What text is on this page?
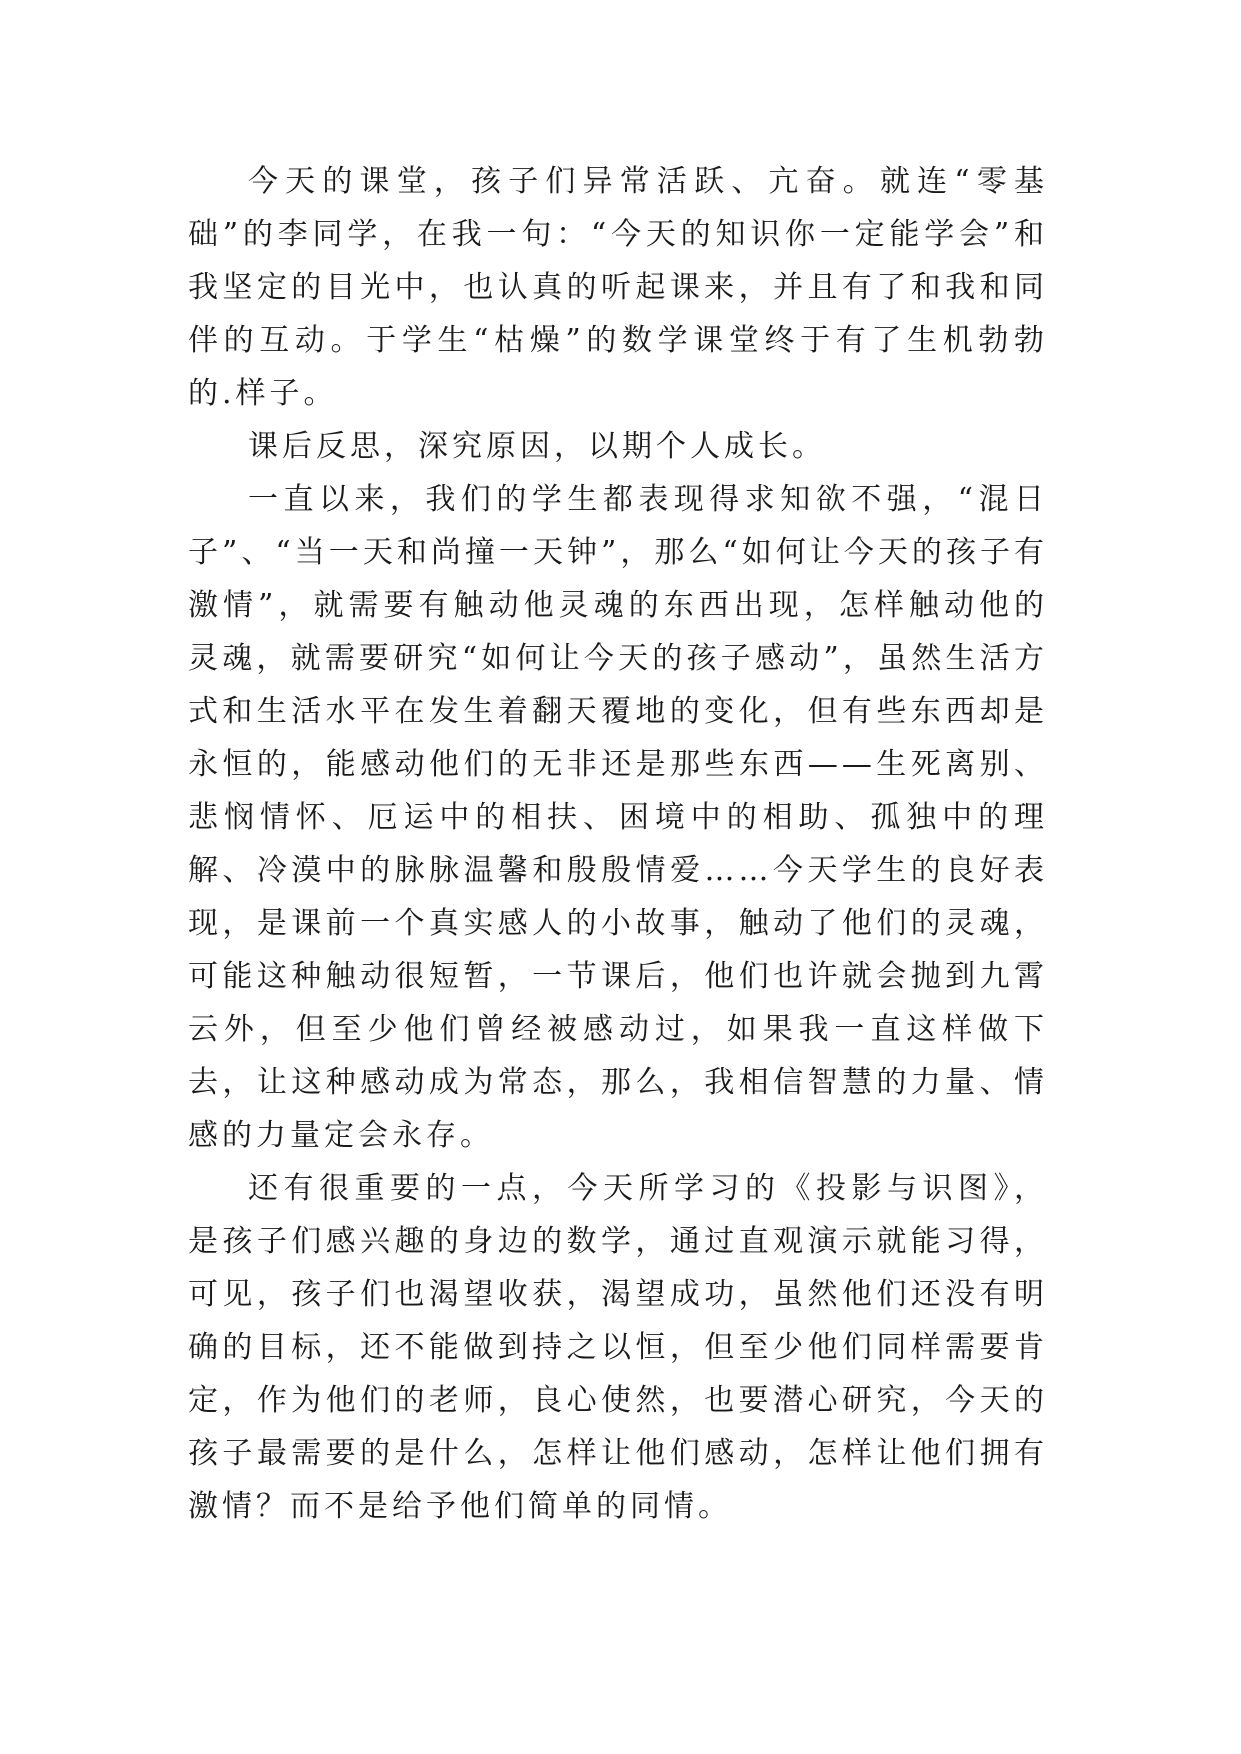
今天的课堂，孩子们异常活跃、亢奋。就连“零基础”的李同学，在我一句：“今天的知识你一定能学会”和我坚定的目光中，也认真的听起课来，并且有了和我和同伴的互动。于学生“枯燥”的数学课堂终于有了生机勃勃的.样子。

课后反思，深究原因，以期个人成长。

一直以来，我们的学生都表现得求知欲不强，“混日子”、“当一天和尚撞一天钟”，那么“如何让今天的孩子有激情”，就需要有触动他灵魂的东西出现，怎样触动他的灵魂，就需要研究“如何让今天的孩子感动”，虽然生活方式和生活水平在发生着翻天覆地的变化，但有些东西却是永恒的，能感动他们的无非还是那些东西——生死离别、悲悯情怀、厄运中的相扶、困境中的相助、孤独中的理解、冷漠中的脉脉温馨和殷殷情爱……今天学生的良好表现，是课前一个真实感人的小故事，触动了他们的灵魂，可能这种触动很短暂，一节课后，他们也许就会抛到九霄云外，但至少他们曾经被感动过，如果我一直这样做下去，让这种感动成为常态，那么，我相信智慧的力量、情感的力量定会永存。

还有很重要的一点，今天所学习的《投影与识图》，是孩子们感兴趣的身边的数学，通过直观演示就能习得，可见，孩子们也渴望收获，渴望成功，虽然他们还没有明确的目标，还不能做到持之以恒，但至少他们同样需要肯定，作为他们的老师，良心使然，也要潜心研究，今天的孩子最需要的是什么，怎样让他们感动，怎样让他们拥有激情？而不是给予他们简单的同情。
